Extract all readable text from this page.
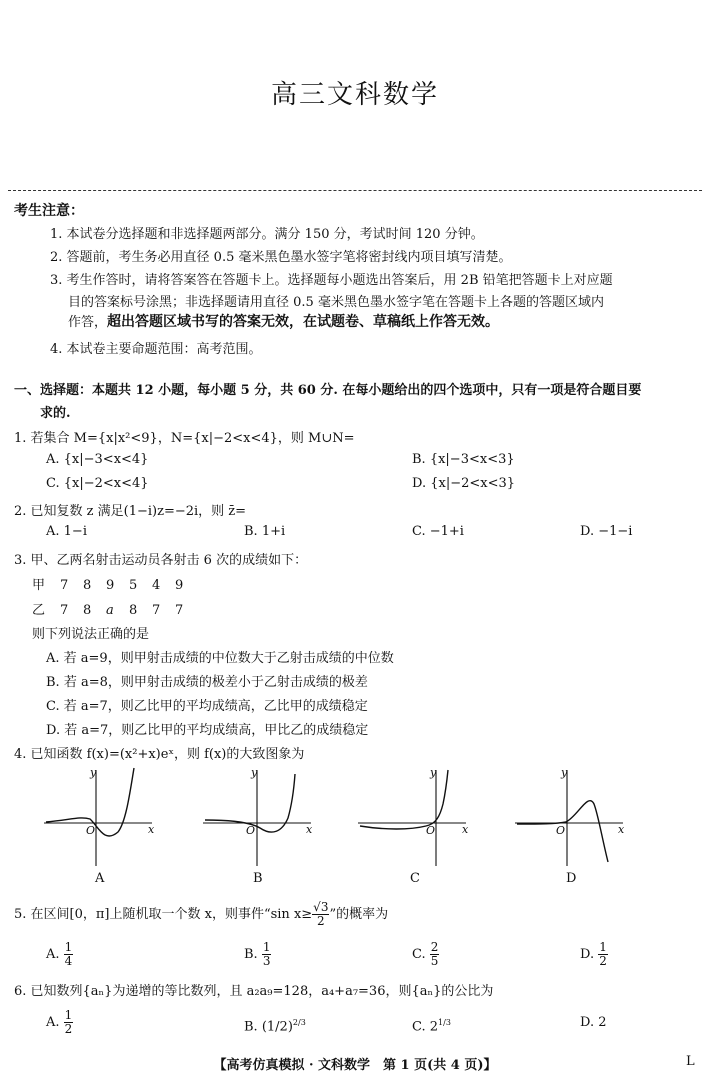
高三文科数学
考生注意：
1. 本试卷分选择题和非选择题两部分。满分 150 分，考试时间 120 分钟。
2. 答题前，考生务必用直径 0.5 毫米黑色墨水签字笔将密封线内项目填写清楚。
3. 考生作答时，请将答案答在答题卡上。选择题每小题选出答案后，用 2B 铅笔把答题卡上对应题
目的答案标号涂黑；非选择题请用直径 0.5 毫米黑色墨水签字笔在答题卡上各题的答题区域内
作答，超出答题区域书写的答案无效，在试题卷、草稿纸上作答无效。
4. 本试卷主要命题范围：高考范围。
一、选择题：本题共 12 小题，每小题 5 分，共 60 分. 在每小题给出的四个选项中，只有一项是符合题目要
求的.
1. 若集合 M={x|x²<9}，N={x|−2<x<4}，则 M∪N=
A. {x|−3<x<4}	B. {x|−3<x<3}
C. {x|−2<x<4}	D. {x|−2<x<3}
2. 已知复数 z 满足(1−i)z=−2i，则 z̄=
A. 1−i	B. 1+i	C. −1+i	D. −1−i
3. 甲、乙两名射击运动员各射击 6 次的成绩如下：
甲 7 8 9 5 4 9
乙 7 8 a 8 7 7
则下列说法正确的是
A. 若 a=9，则甲射击成绩的中位数大于乙射击成绩的中位数
B. 若 a=8，则甲射击成绩的极差小于乙射击成绩的极差
C. 若 a=7，则乙比甲的平均成绩高，乙比甲的成绩稳定
D. 若 a=7，则乙比甲的平均成绩高，甲比乙的成绩稳定
4. 已知函数 f(x)=(x²+x)eˣ，则 f(x)的大致图象为
y
x
O
y
x
O
y
x
O
y
x
O
A	B	C	D
5. 在区间[0，π]上随机取一个数 x，则事件“sin $x\ge \frac{√3}{2}$ ”的概率为
A. $\frac{1}{4}$	B. $\frac{1}{3}$	C. $\frac{2}{5}$	D. $\frac{1}{2}$
6. 已知数列{aₙ}为递增的等比数列，且 a₂a₉=128，a₄+a₇=36，则{aₙ}的公比为
A. $\frac{1}{2}$	B. $(1/2)^{2/3}$	C. $2^{1/3}$	D. 2
【高考仿真模拟 · 文科数学　第 1 页(共 4 页)】	L
